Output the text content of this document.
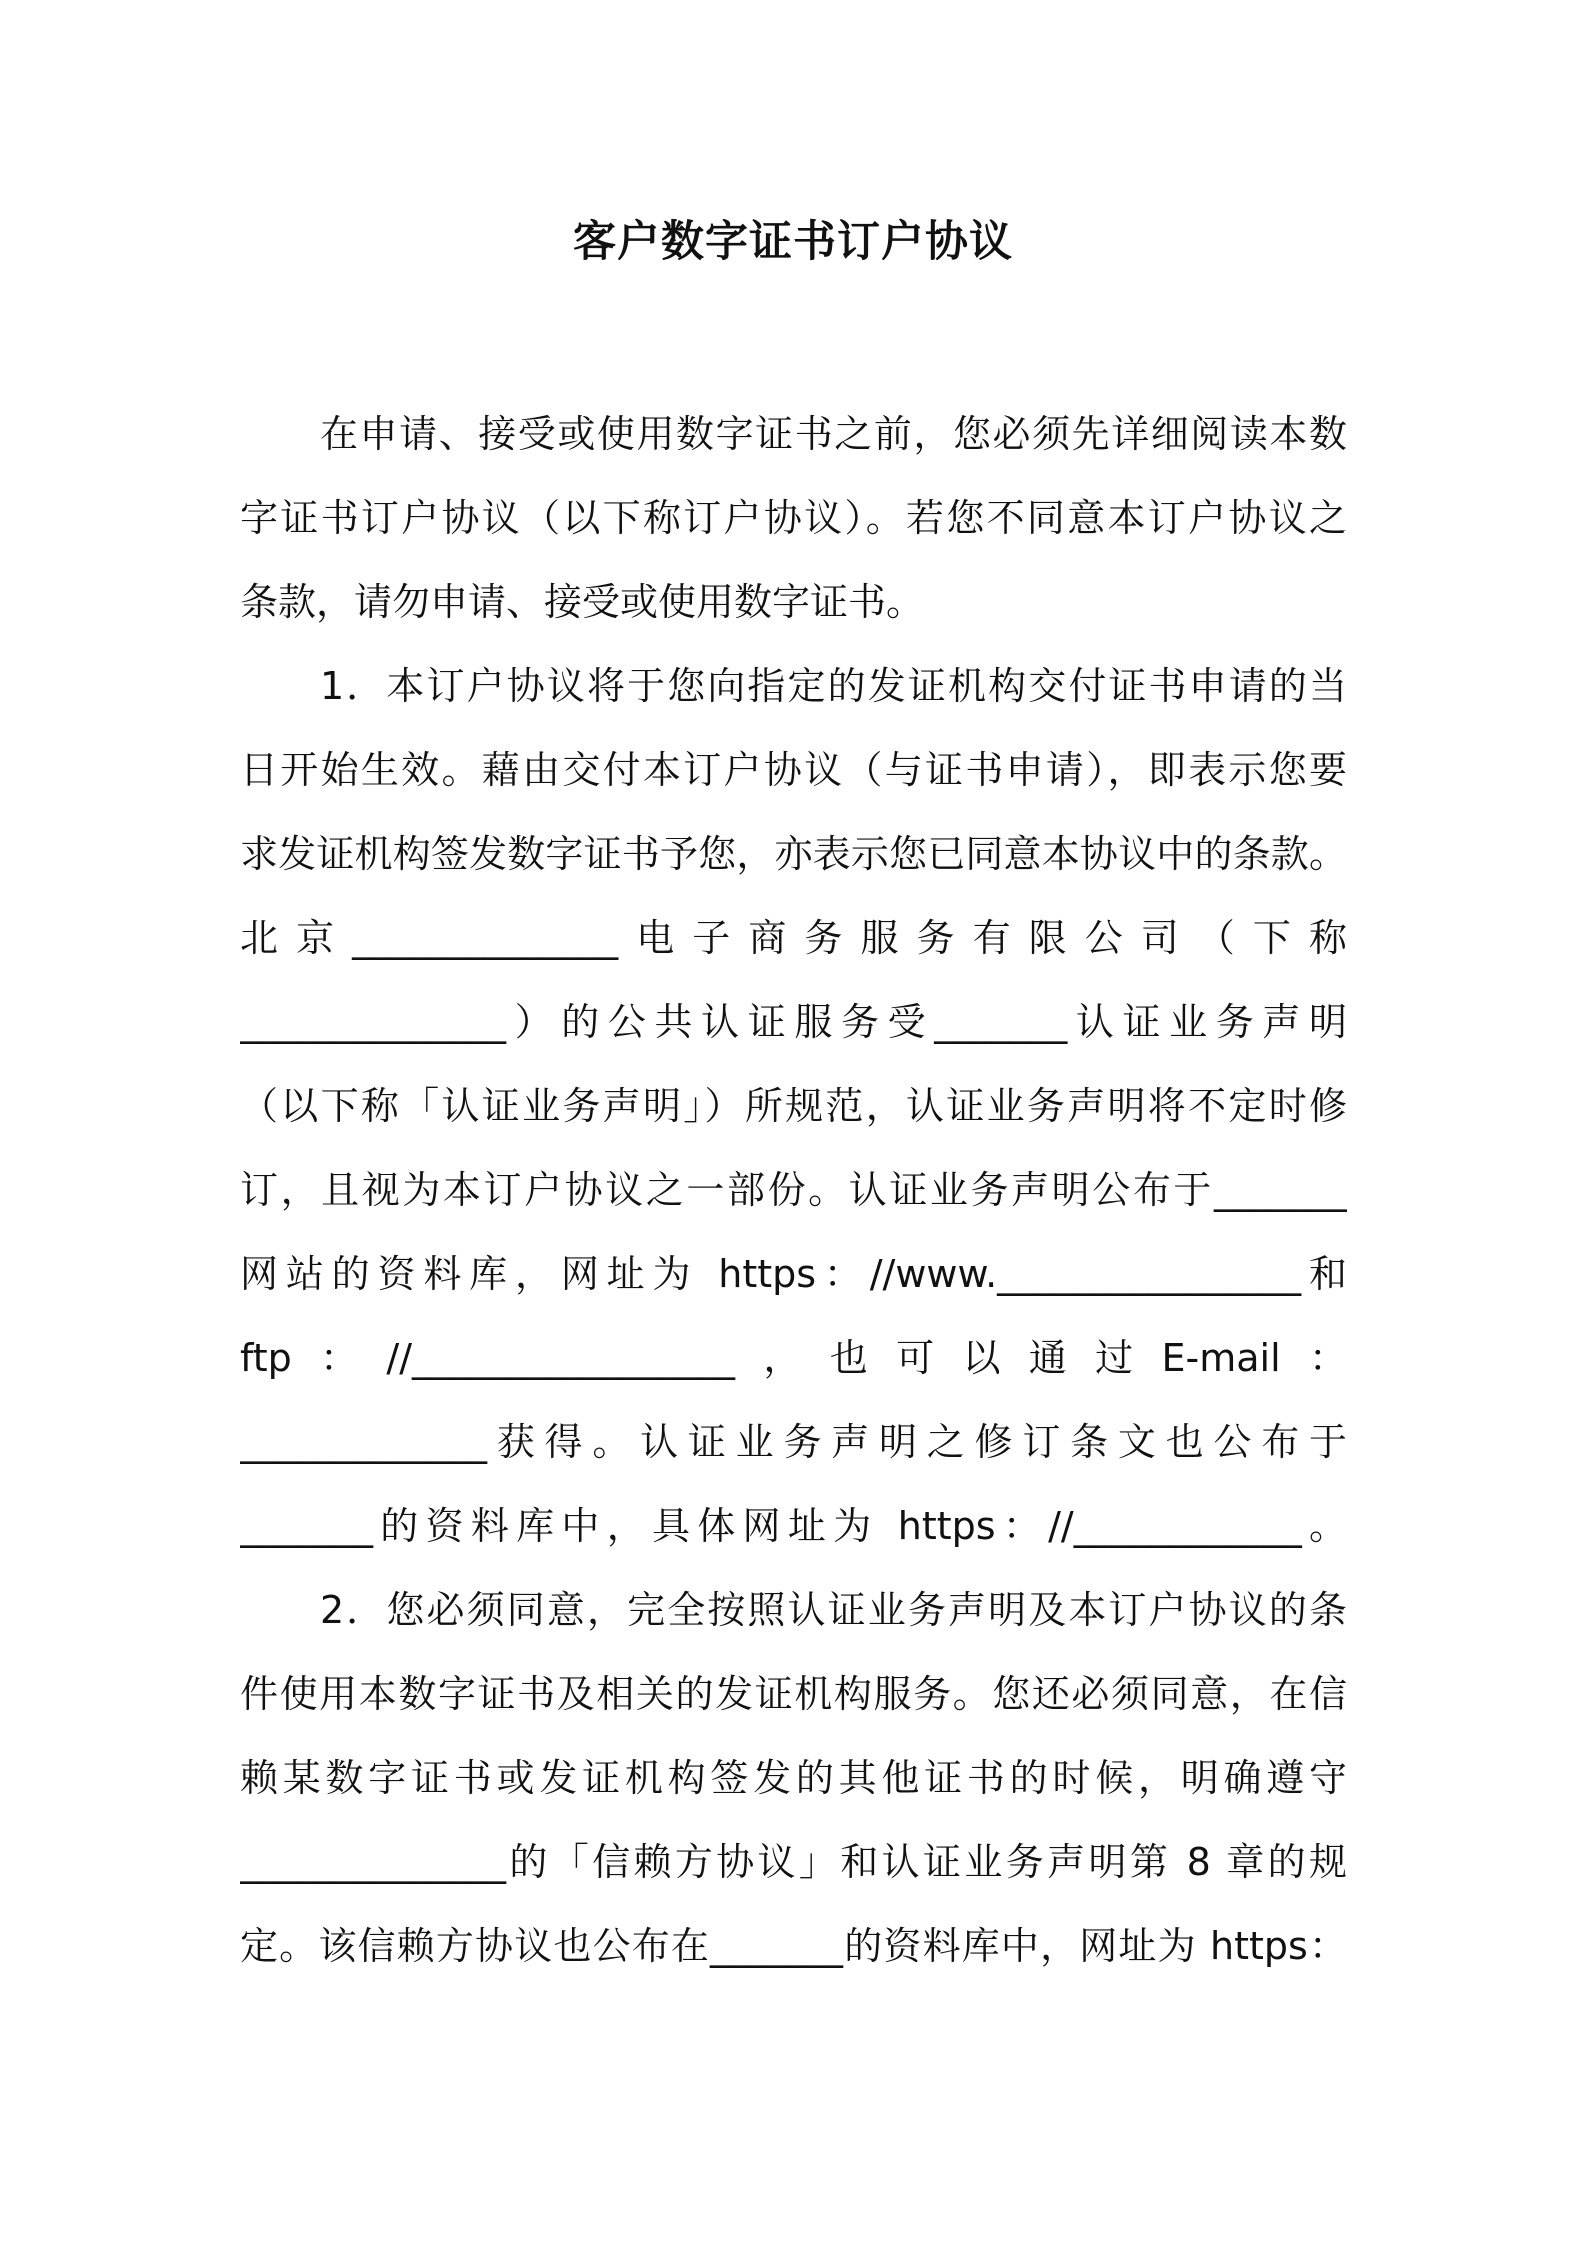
客户数字证书订户协议
在申请、接受或使用数字证书之前，您必须先详细阅读本数
字证书订户协议（以下称订户协议）。若您不同意本订户协议之
条款，请勿申请、接受或使用数字证书。
1．本订户协议将于您向指定的发证机构交付证书申请的当
日开始生效。藉由交付本订户协议（与证书申请），即表示您要
求发证机构签发数字证书予您，亦表示您已同意本协议中的条款。
北京______________电子商务服务有限公司（下称
______________）的公共认证服务受_______认证业务声明
（以下称「认证业务声明」）所规范，认证业务声明将不定时修
订，且视为本订户协议之一部份。认证业务声明公布于_______
网站的资料库，网址为 https：//www.________________和
ftp：//_________________，也可以通过E-mail：
_____________获得。认证业务声明之修订条文也公布于
_______的资料库中，具体网址为 https：//____________。
2．您必须同意，完全按照认证业务声明及本订户协议的条
件使用本数字证书及相关的发证机构服务。您还必须同意，在信
赖某数字证书或发证机构签发的其他证书的时候，明确遵守
______________的「信赖方协议」和认证业务声明第 8 章的规
定。该信赖方协议也公布在_______的资料库中，网址为 https：
